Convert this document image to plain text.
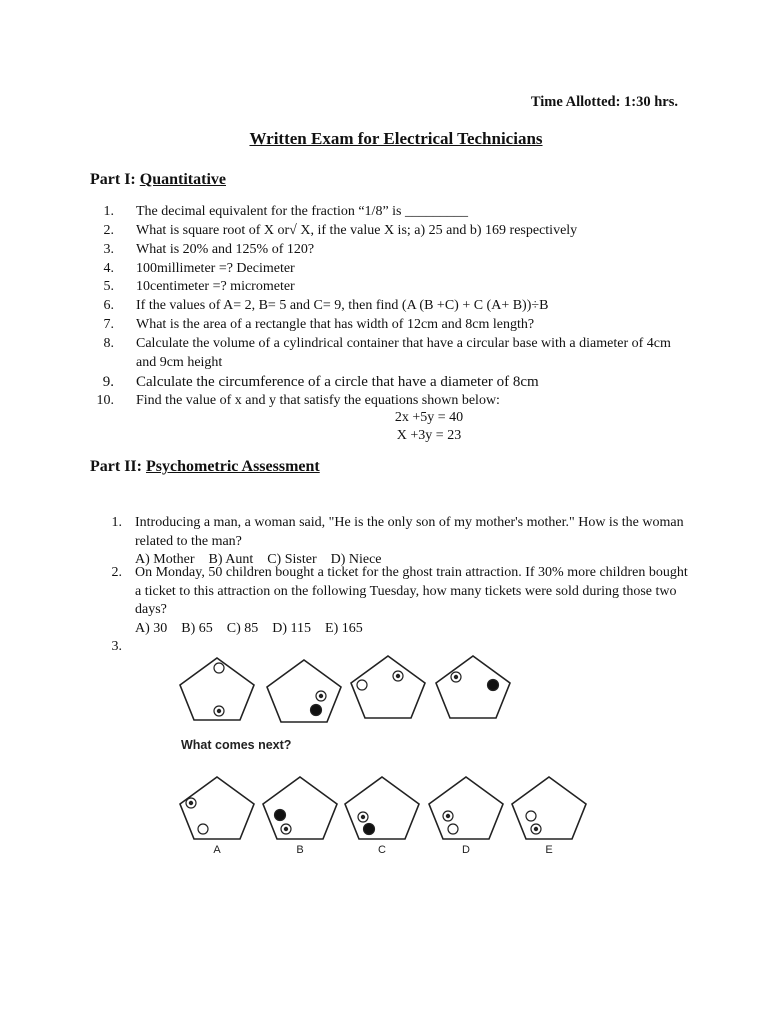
Time Allotted: 1:30 hrs.
Written Exam for Electrical Technicians
Part I: Quantitative
1. The decimal equivalent for the fraction “1/8” is _________
2. What is square root of X or√ X, if the value X is; a) 25 and b) 169 respectively
3. What is 20% and 125% of 120?
4. 100millimeter =? Decimeter
5. 10centimeter =? micrometer
6. If the values of A= 2, B= 5 and C= 9, then find (A (B +C) + C (A+ B))÷B
7. What is the area of a rectangle that has width of 12cm and 8cm length?
8. Calculate the volume of a cylindrical container that have a circular base with a diameter of 4cm and 9cm height
9. Calculate the circumference of a circle that have a diameter of 8cm
10. Find the value of x and y that satisfy the equations shown below:
2x +5y = 40
X +3y = 23
Part II: Psychometric Assessment
1. Introducing a man, a woman said, "He is the only son of my mother's mother." How is the woman related to the man?
A) Mother    B) Aunt    C) Sister    D) Niece
2. On Monday, 50 children bought a ticket for the ghost train attraction. If 30% more children bought a ticket to this attraction on the following Tuesday, how many tickets were sold during those two days?
A) 30    B) 65    C) 85    D) 115    E) 165
3.
A	B	C	D	E
What comes next?
